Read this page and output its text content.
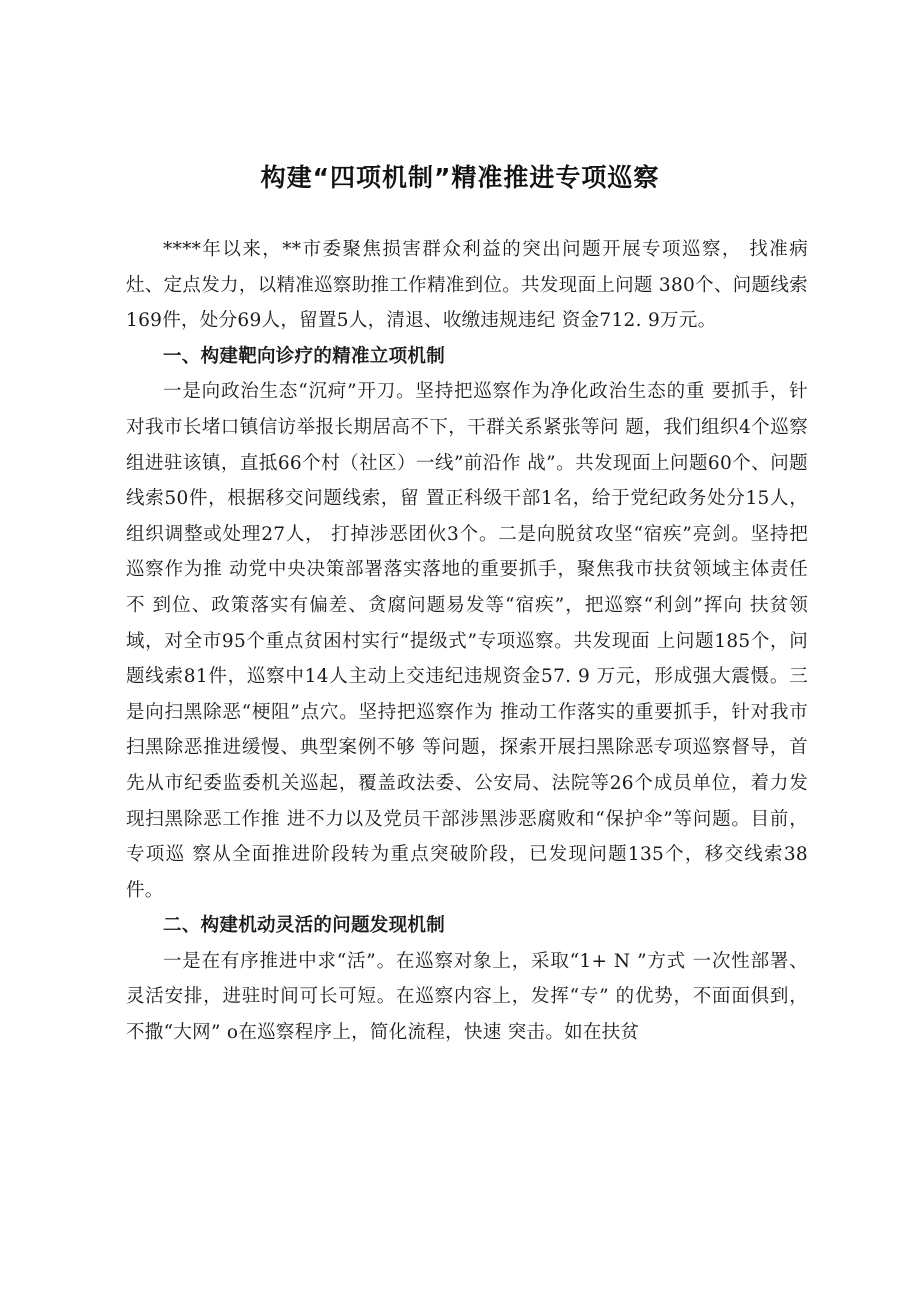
构建“四项机制”精准推进专项巡察

****年以来，**市委聚焦损害群众利益的突出问题开展专项巡察， 找准病灶、定点发力，以精准巡察助推工作精准到位。共发现面上问题 380个、问题线索169件，处分69人，留置5人，清退、收缴违规违纪 资金712. 9万元。

一、构建靶向诊疗的精准立项机制

一是向政治生态“沉疴”开刀。坚持把巡察作为净化政治生态的重 要抓手，针对我市长堵口镇信访举报长期居高不下，干群关系紧张等问 题，我们组织4个巡察组进驻该镇，直抵66个村（社区）一线”前沿作 战”。共发现面上问题60个、问题线索50件，根据移交问题线索，留 置正科级干部1名，给于党纪政务处分15人，组织调整或处理27人， 打掉涉恶团伙3个。二是向脱贫攻坚“宿疾”亮剑。坚持把巡察作为推 动党中央决策部署落实落地的重要抓手，聚焦我市扶贫领域主体责任不 到位、政策落实有偏差、贪腐问题易发等“宿疾”，把巡察“利剑”挥向 扶贫领域，对全市95个重点贫困村实行“提级式”专项巡察。共发现面 上问题185个，问题线索81件，巡察中14人主动上交违纪违规资金57. 9 万元，形成强大震慑。三是向扫黑除恶“梗阻”点穴。坚持把巡察作为 推动工作落实的重要抓手，针对我市扫黑除恶推进缓慢、典型案例不够 等问题，探索开展扫黑除恶专项巡察督导，首先从市纪委监委机关巡起，覆盖政法委、公安局、法院等26个成员单位，着力发现扫黑除恶工作推 进不力以及党员干部涉黑涉恶腐败和“保护伞”等问题。目前，专项巡 察从全面推进阶段转为重点突破阶段，已发现问题135个，移交线索38 件。

二、构建机动灵活的问题发现机制

一是在有序推进中求“活”。在巡察对象上，采取“1+ N ”方式 一次性部署、灵活安排，进驻时间可长可短。在巡察内容上，发挥“专” 的优势，不面面俱到，不撒“大网” o在巡察程序上，简化流程，快速 突击。如在扶贫
